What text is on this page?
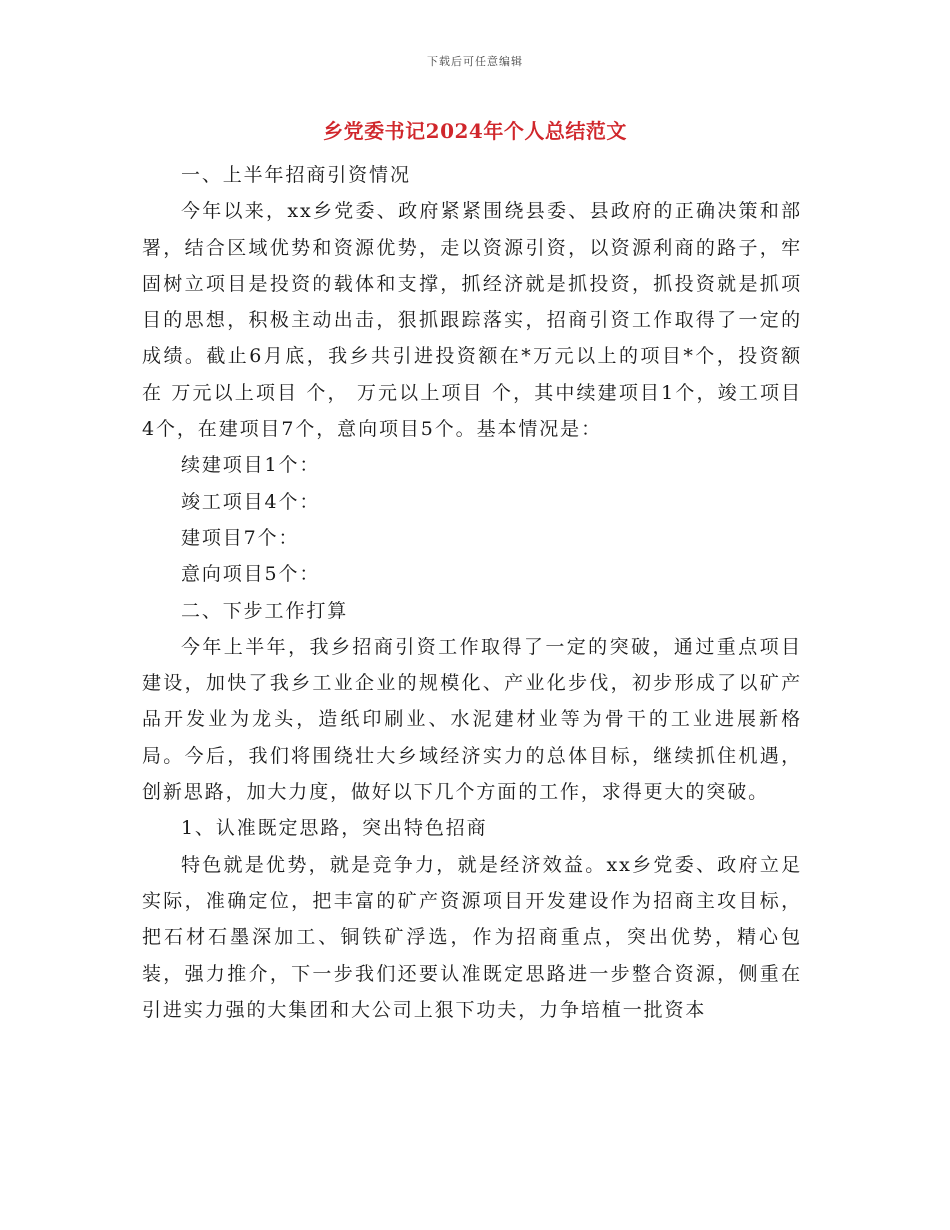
下载后可任意编辑
乡党委书记2024年个人总结范文

一、上半年招商引资情况

今年以来，xx乡党委、政府紧紧围绕县委、县政府的正确决策和部署，结合区域优势和资源优势，走以资源引资，以资源利商的路子，牢固树立项目是投资的载体和支撑，抓经济就是抓投资，抓投资就是抓项目的思想，积极主动出击，狠抓跟踪落实，招商引资工作取得了一定的成绩。截止6月底，我乡共引进投资额在*万元以上的项目*个，投资额在 万元以上项目 个， 万元以上项目 个，其中续建项目1个，竣工项目4个，在建项目7个，意向项目5个。基本情况是：

续建项目1个：

竣工项目4个：

建项目7个：

意向项目5个：

二、下步工作打算

今年上半年，我乡招商引资工作取得了一定的突破，通过重点项目建设，加快了我乡工业企业的规模化、产业化步伐，初步形成了以矿产品开发业为龙头，造纸印刷业、水泥建材业等为骨干的工业进展新格局。今后，我们将围绕壮大乡域经济实力的总体目标，继续抓住机遇，创新思路，加大力度，做好以下几个方面的工作，求得更大的突破。

1、认准既定思路，突出特色招商

特色就是优势，就是竞争力，就是经济效益。xx乡党委、政府立足实际，准确定位，把丰富的矿产资源项目开发建设作为招商主攻目标，把石材石墨深加工、铜铁矿浮选，作为招商重点，突出优势，精心包装，强力推介，下一步我们还要认准既定思路进一步整合资源，侧重在引进实力强的大集团和大公司上狠下功夫，力争培植一批资本
